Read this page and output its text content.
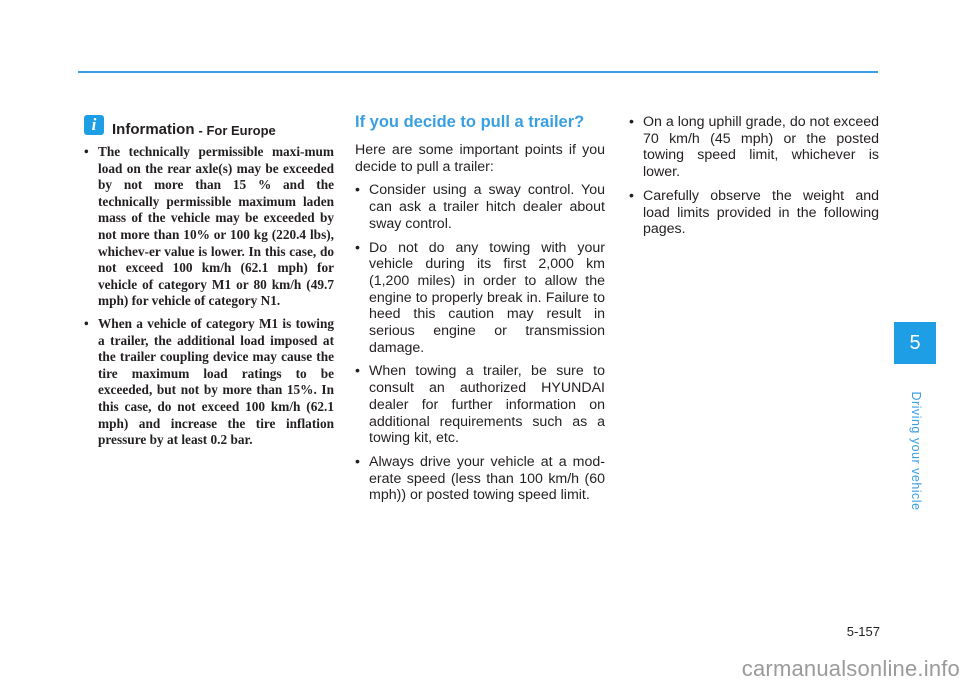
i	Information - For Europe
• The technically permissible maxi-mum load on the rear axle(s) may be exceeded by not more than 15 % and the technically permissible maximum laden mass of the vehicle may be exceeded by not more than 10% or 100 kg (220.4 lbs), whichev-er value is lower. In this case, do not exceed 100 km/h (62.1 mph) for vehicle of category M1 or 80 km/h (49.7 mph) for vehicle of category N1.
• When a vehicle of category M1 is towing a trailer, the additional load imposed at the trailer coupling device may cause the tire maximum load ratings to be exceeded, but not by more than 15%. In this case, do not exceed 100 km/h (62.1 mph) and increase the tire inflation pressure by at least 0.2 bar.
If you decide to pull a trailer?

Here are some important points if you decide to pull a trailer:

• Consider using a sway control. You can ask a trailer hitch dealer about sway control.
• Do not do any towing with your vehicle during its first 2,000 km (1,200 miles) in order to allow the engine to properly break in. Failure to heed this caution may result in serious engine or transmission damage.
• When towing a trailer, be sure to consult an authorized HYUNDAI dealer for further information on additional requirements such as a towing kit, etc.
• Always drive your vehicle at a mod-erate speed (less than 100 km/h (60 mph)) or posted towing speed limit.
• On a long uphill grade, do not exceed 70 km/h (45 mph) or the posted towing speed limit, whichever is lower.
• Carefully observe the weight and load limits provided in the following pages.
5
Driving your vehicle
5-157
carmanualsonline.info
